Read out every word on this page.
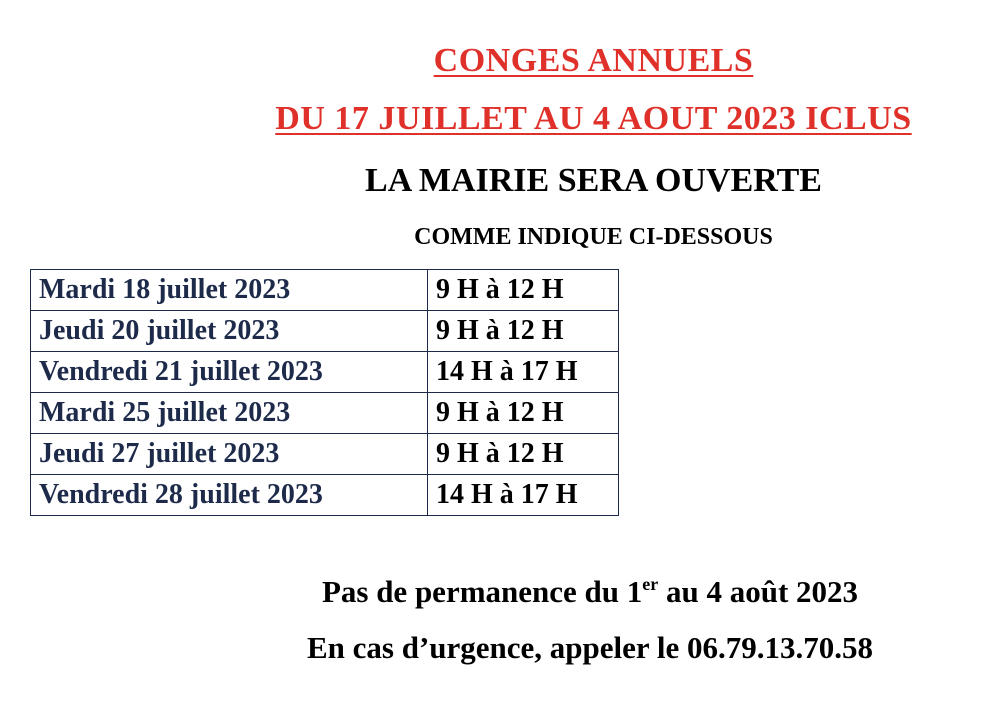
CONGES ANNUELS

DU 17 JUILLET AU 4 AOUT 2023 ICLUS

LA MAIRIE SERA OUVERTE

COMME INDIQUE CI-DESSOUS

Mardi 18 juillet 2023	9 H à 12 H
Jeudi 20 juillet 2023	9 H à 12 H
Vendredi 21 juillet 2023	14 H à 17 H
Mardi 25 juillet 2023	9 H à 12 H
Jeudi 27 juillet 2023	9 H à 12 H
Vendredi 28 juillet 2023	14 H à 17 H

Pas de permanence du 1er au 4 août 2023

En cas d’urgence, appeler le 06.79.13.70.58
